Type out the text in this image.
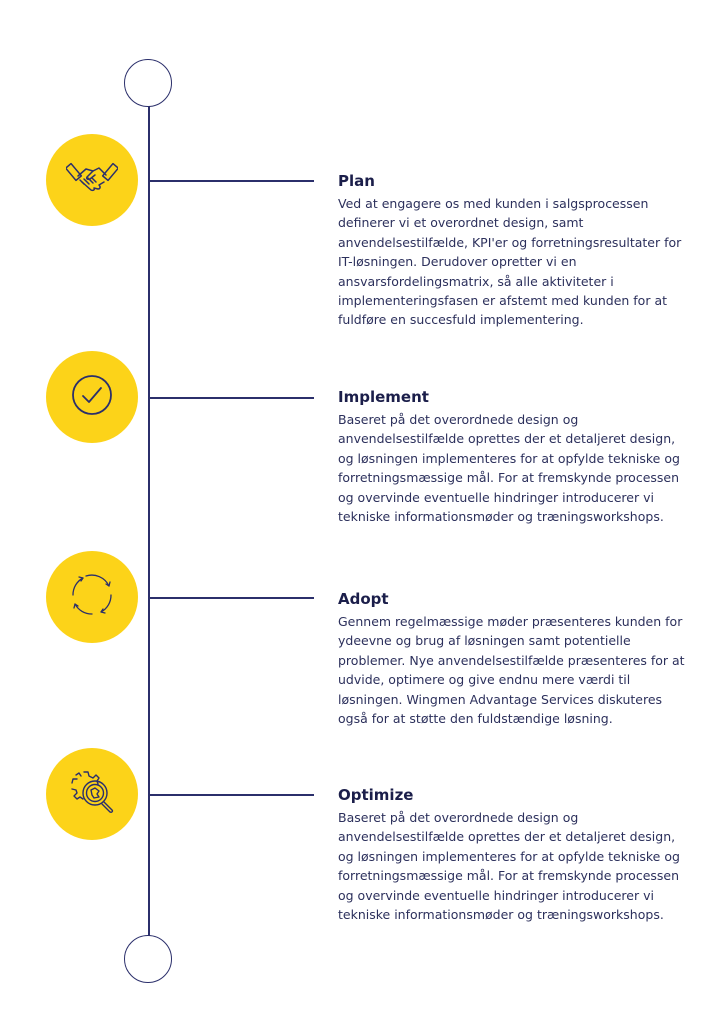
Plan

Ved at engagere os med kunden i salgsprocessen definerer vi et overordnet design, samt anvendelsestilfælde, KPI'er og forretningsresultater for IT-løsningen. Derudover opretter vi en ansvarsfordelingsmatrix, så alle aktiviteter i implementeringsfasen er afstemt med kunden for at fuldføre en succesfuld implementering.

Implement

Baseret på det overordnede design og anvendelsestilfælde oprettes der et detaljeret design, og løsningen implementeres for at opfylde tekniske og forretningsmæssige mål. For at fremskynde processen og overvinde eventuelle hindringer introducerer vi tekniske informationsmøder og træningsworkshops.

Adopt

Gennem regelmæssige møder præsenteres kunden for ydeevne og brug af løsningen samt potentielle problemer. Nye anvendelsestilfælde præsenteres for at udvide, optimere og give endnu mere værdi til løsningen. Wingmen Advantage Services diskuteres også for at støtte den fuldstændige løsning.

Optimize

Baseret på det overordnede design og anvendelsestilfælde oprettes der et detaljeret design, og løsningen implementeres for at opfylde tekniske og forretningsmæssige mål. For at fremskynde processen og overvinde eventuelle hindringer introducerer vi tekniske informationsmøder og træningsworkshops.
